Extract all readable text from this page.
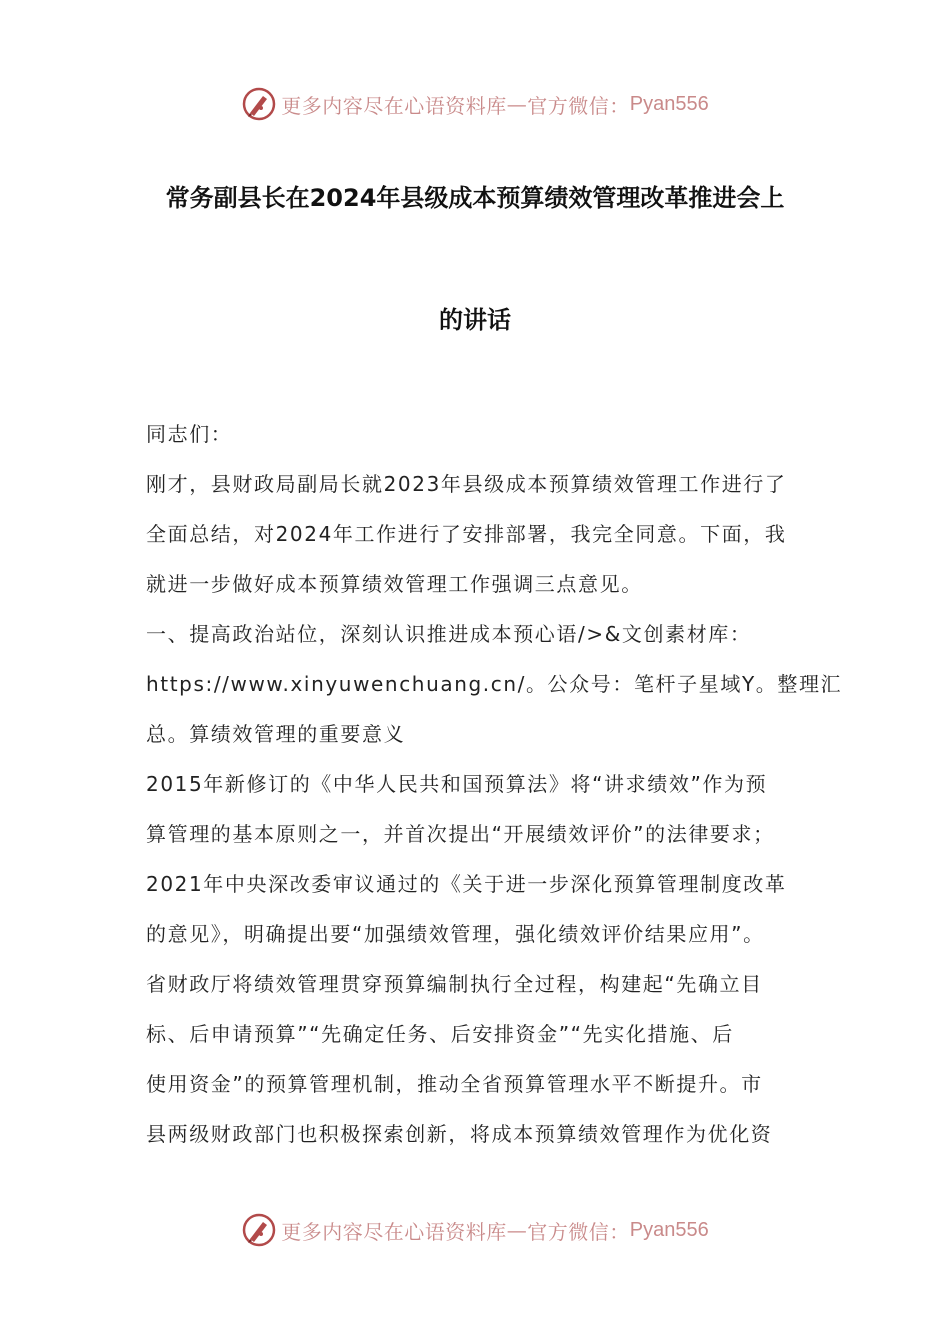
更多内容尽在心语资料库 — 官方微信： Pyan556
常务副县长在2024年县级成本预算绩效管理改革推进会上
的讲话
同志们：
刚才，县财政局副局长就2023年县级成本预算绩效管理工作进行了
全面总结，对2024年工作进行了安排部署，我完全同意。下面，我
就进一步做好成本预算绩效管理工作强调三点意见。
一、提高政治站位，深刻认识推进成本预心语/>&文创素材库：
https://www.xinyuwenchuang.cn/。公众号：笔杆子星域Y。整理汇
总。算绩效管理的重要意义
2015年新修订的《中华人民共和国预算法》将“讲求绩效”作为预
算管理的基本原则之一，并首次提出“开展绩效评价”的法律要求；
2021年中央深改委审议通过的《关于进一步深化预算管理制度改革
的意见》，明确提出要“加强绩效管理，强化绩效评价结果应用”。
省财政厅将绩效管理贯穿预算编制执行全过程，构建起“先确立目
标、后申请预算”“先确定任务、后安排资金”“先实化措施、后
使用资金”的预算管理机制，推动全省预算管理水平不断提升。市
县两级财政部门也积极探索创新，将成本预算绩效管理作为优化资
更多内容尽在心语资料库 — 官方微信： Pyan556
